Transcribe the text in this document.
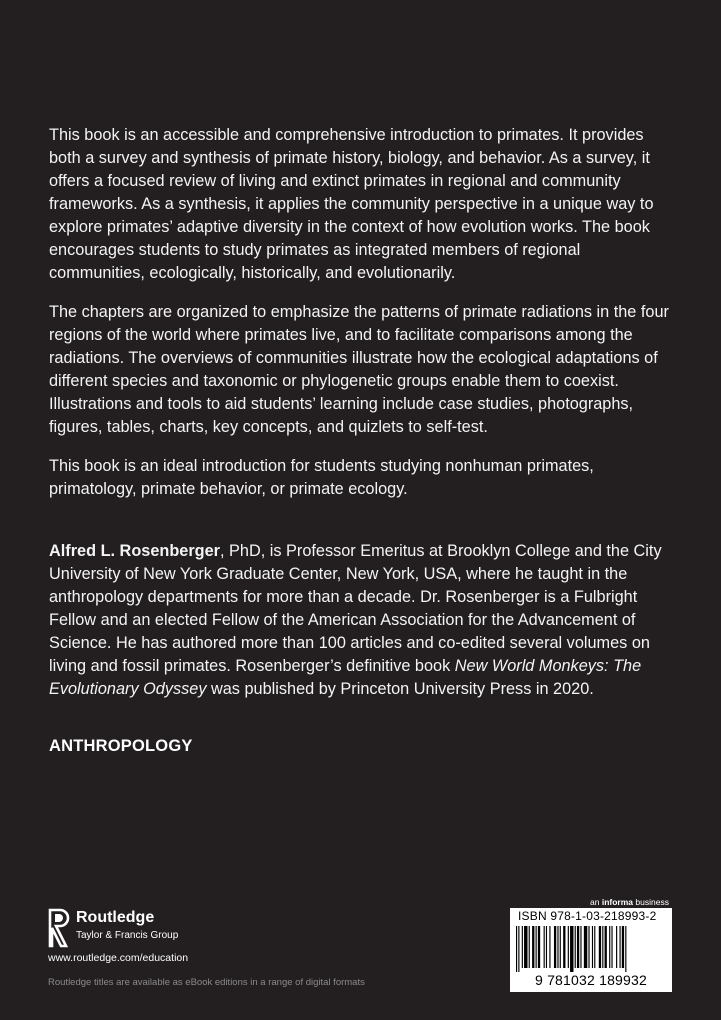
This book is an accessible and comprehensive introduction to primates. It provides both a survey and synthesis of primate history, biology, and behavior. As a survey, it offers a focused review of living and extinct primates in regional and community frameworks. As a synthesis, it applies the community perspective in a unique way to explore primates’ adaptive diversity in the context of how evolution works. The book encourages students to study primates as integrated members of regional communities, ecologically, historically, and evolutionarily.

The chapters are organized to emphasize the patterns of primate radiations in the four regions of the world where primates live, and to facilitate comparisons among the radiations. The overviews of communities illustrate how the ecological adaptations of different species and taxonomic or phylogenetic groups enable them to coexist. Illustrations and tools to aid students’ learning include case studies, photographs, figures, tables, charts, key concepts, and quizlets to self-test.

This book is an ideal introduction for students studying nonhuman primates, primatology, primate behavior, or primate ecology.

Alfred L. Rosenberger, PhD, is Professor Emeritus at Brooklyn College and the City University of New York Graduate Center, New York, USA, where he taught in the anthropology departments for more than a decade. Dr. Rosenberger is a Fulbright Fellow and an elected Fellow of the American Association for the Advancement of Science. He has authored more than 100 articles and co-edited several volumes on living and fossil primates. Rosenberger’s definitive book New World Monkeys: The Evolutionary Odyssey was published by Princeton University Press in 2020.

ANTHROPOLOGY
Routledge
Taylor & Francis Group
www.routledge.com/education
Routledge titles are available as eBook editions in a range of digital formats
an informa business
ISBN 978-1-03-218993-2
9 781032 189932
